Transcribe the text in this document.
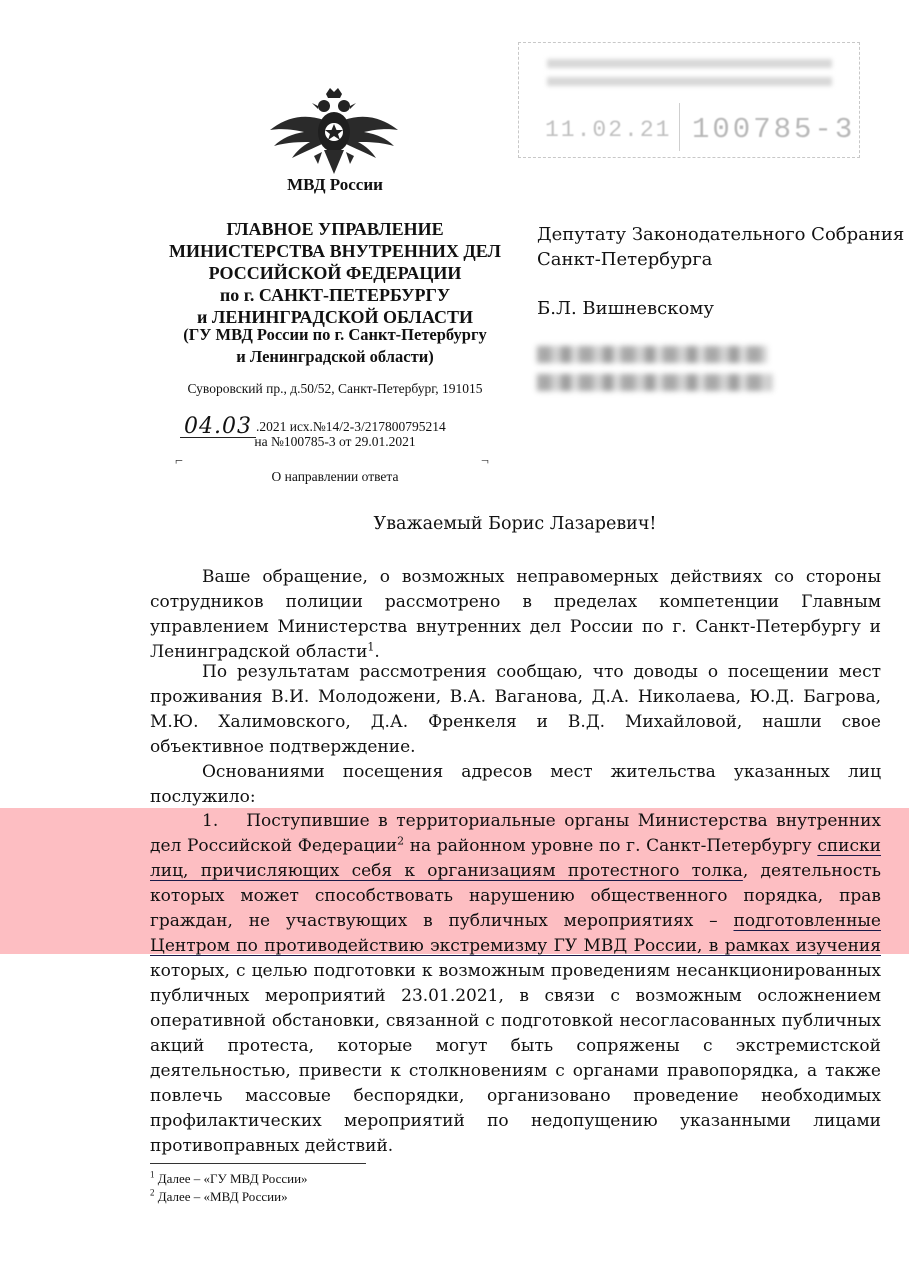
11.02.21 100785-3
МВД России
ГЛАВНОЕ УПРАВЛЕНИЕ
МИНИСТЕРСТВА ВНУТРЕННИХ ДЕЛ
РОССИЙСКОЙ ФЕДЕРАЦИИ
по г. САНКТ-ПЕТЕРБУРГУ
и ЛЕНИНГРАДСКОЙ ОБЛАСТИ
(ГУ МВД России по г. Санкт-Петербургу
и Ленинградской области)
Суворовский пр., д.50/52, Санкт-Петербург, 191015
04.03 .2021 исх.№14/2-3/217800795214
на №100785-3 от 29.01.2021
⌐	¬
О направлении ответа
Депутату Законодательного Собрания
Санкт-Петербурга
Б.Л. Вишневскому
Уважаемый Борис Лазаревич!
Ваше обращение, о возможных неправомерных действиях со стороны сотрудников полиции рассмотрено в пределах компетенции Главным управлением Министерства внутренних дел России по г. Санкт-Петербургу и Ленинградской области$^1$.
По результатам рассмотрения сообщаю, что доводы о посещении мест проживания В.И. Молодожени, В.А. Ваганова, Д.А. Николаева, Ю.Д. Багрова, М.Ю. Халимовского, Д.А. Френкеля и В.Д. Михайловой, нашли свое объективное подтверждение.
Основаниями посещения адресов мест жительства указанных лиц послужило:
1. Поступившие в территориальные органы Министерства внутренних дел Российской Федерации$^2$ на районном уровне по г. Санкт-Петербургу списки лиц, причисляющих себя к организациям протестного толка, деятельность которых может способствовать нарушению общественного порядка, прав граждан, не участвующих в публичных мероприятиях – подготовленные Центром по противодействию экстремизму ГУ МВД России, в рамках изучения которых, с целью подготовки к возможным проведениям несанкционированных публичных мероприятий 23.01.2021, в связи с возможным осложнением оперативной обстановки, связанной с подготовкой несогласованных публичных акций протеста, которые могут быть сопряжены с экстремистской деятельностью, привести к столкновениям с органами правопорядка, а также повлечь массовые беспорядки, организовано проведение необходимых профилактических мероприятий по недопущению указанными лицами противоправных действий.
$^1$ Далее – «ГУ МВД России»
$^2$ Далее – «МВД России»
